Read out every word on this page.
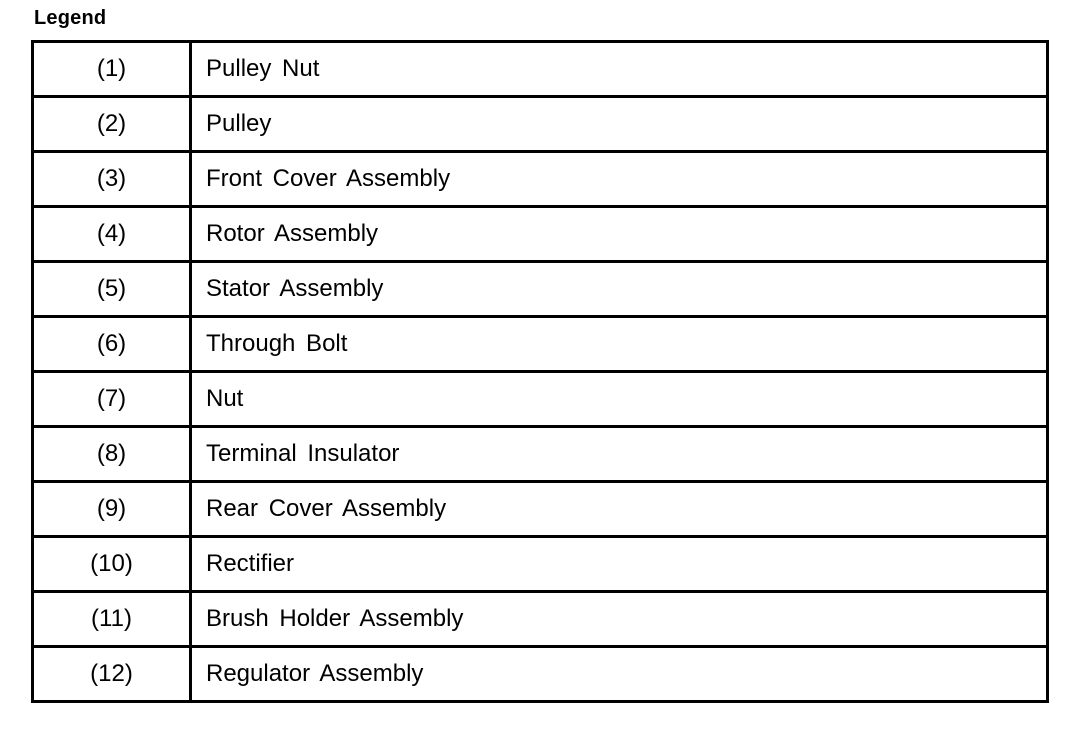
Legend
(1)	Pulley Nut
(2)	Pulley
(3)	Front Cover Assembly
(4)	Rotor Assembly
(5)	Stator Assembly
(6)	Through Bolt
(7)	Nut
(8)	Terminal Insulator
(9)	Rear Cover Assembly
(10)	Rectifier
(11)	Brush Holder Assembly
(12)	Regulator Assembly
